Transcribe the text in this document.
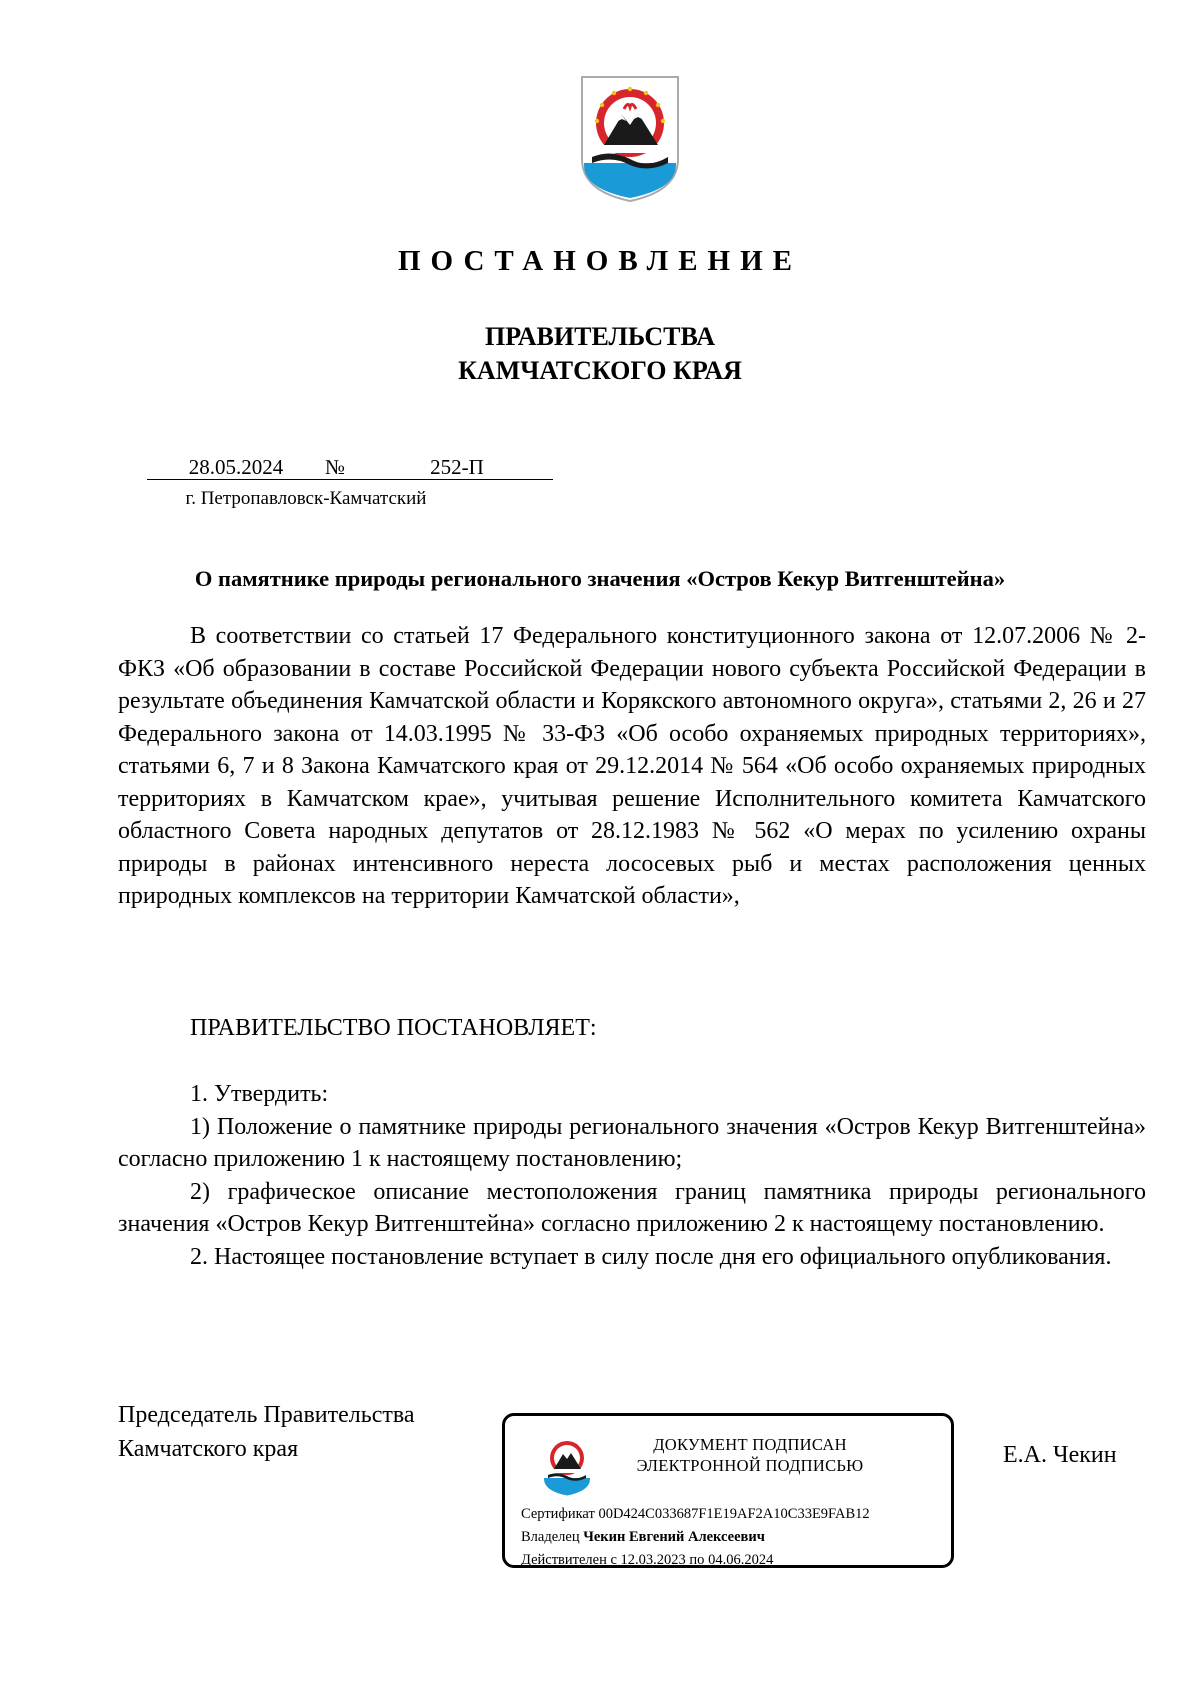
ПОСТАНОВЛЕНИЕ
ПРАВИТЕЛЬСТВА
КАМЧАТСКОГО КРАЯ
28.05.2024 №	252-П
г. Петропавловск-Камчатский
О памятнике природы регионального значения «Остров Кекур Витгенштейна»
В соответствии со статьей 17 Федерального конституционного закона от 12.07.2006 № 2-ФКЗ «Об образовании в составе Российской Федерации нового субъекта Российской Федерации в результате объединения Камчатской области и Корякского автономного округа», статьями 2, 26 и 27 Федерального закона от 14.03.1995 № 33-ФЗ «Об особо охраняемых природных территориях», статьями 6, 7 и 8 Закона Камчатского края от 29.12.2014 № 564 «Об особо охраняемых природных территориях в Камчатском крае», учитывая решение Исполнительного комитета Камчатского областного Совета народных депутатов от 28.12.1983 № 562 «О мерах по усилению охраны природы в районах интенсивного нереста лососевых рыб и местах расположения ценных природных комплексов на территории Камчатской области»,
ПРАВИТЕЛЬСТВО ПОСТАНОВЛЯЕТ:

1. Утвердить:

1) Положение о памятнике природы регионального значения «Остров Кекур Витгенштейна» согласно приложению 1 к настоящему постановлению;

2) графическое описание местоположения границ памятника природы регионального значения «Остров Кекур Витгенштейна» согласно приложению 2 к настоящему постановлению.

2. Настоящее постановление вступает в силу после дня его официального опубликования.

Председатель Правительства
Камчатского края	ДОКУМЕНТ ПОДПИСАН
ЭЛЕКТРОННОЙ ПОДПИСЬЮ
Сертификат 00D424C033687F1E19AF2A10C33E9FAB12
Владелец Чекин Евгений Алексеевич
Действителен с 12.03.2023 по 04.06.2024
Е.А. Чекин
